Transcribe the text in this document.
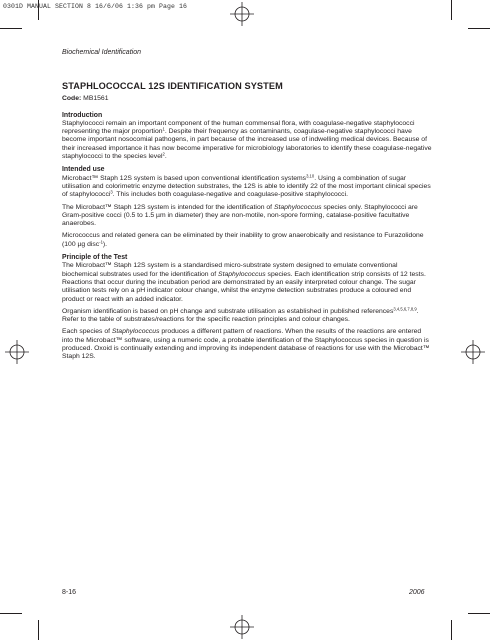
0301D MANUAL SECTION 8 16/6/06 1:36 pm Page 16
Biochemical Identification
STAPHLOCOCCAL 12S IDENTIFICATION SYSTEM
Code: MB1561
Introduction

Staphylococci remain an important component of the human commensal flora, with coagulase-negative staphylococci representing the major proportion$^1$. Despite their frequency as contaminants, coagulase-negative staphylococci have become important nosocomial pathogens, in part because of the increased use of indwelling medical devices. Because of their increased importance it has now become imperative for microbiology laboratories to identify these coagulase-negative staphylococci to the species level$^2$.

Intended use

Microbact™ Staph 12S system is based upon conventional identification systems$^{3,10}$. Using a combination of sugar utilisation and colorimetric enzyme detection substrates, the 12S is able to identify 22 of the most important clinical species of staphylococci$^3$. This includes both coagulase-negative and coagulase-positive staphylococci.

The Microbact™ Staph 12S system is intended for the identification of Staphylococcus species only. Staphylococci are Gram-positive cocci (0.5 to 1.5 µm in diameter) they are non-motile, non-spore forming, catalase-positive facultative anaerobes.

Micrococcus and related genera can be eliminated by their inability to grow anaerobically and resistance to Furazolidone (100 µg disc$^{-1}$).

Principle of the Test

The Microbact™ Staph 12S system is a standardised micro-substrate system designed to emulate conventional biochemical substrates used for the identification of Staphylococcus species. Each identification strip consists of 12 tests. Reactions that occur during the incubation period are demonstrated by an easily interpreted colour change. The sugar utilisation tests rely on a pH indicator colour change, whilst the enzyme detection substrates produce a coloured end product or react with an added indicator.

Organism identification is based on pH change and substrate utilisation as established in published references$^{3,4,5,6,7,8,9}$. Refer to the table of substrates/reactions for the specific reaction principles and colour changes.

Each species of Staphylococcus produces a different pattern of reactions. When the results of the reactions are entered into the Microbact™ software, using a numeric code, a probable identification of the Staphylococcus species in question is produced. Oxoid is continually extending and improving its independent database of reactions for use with the Microbact™ Staph 12S.

8-16	2006
